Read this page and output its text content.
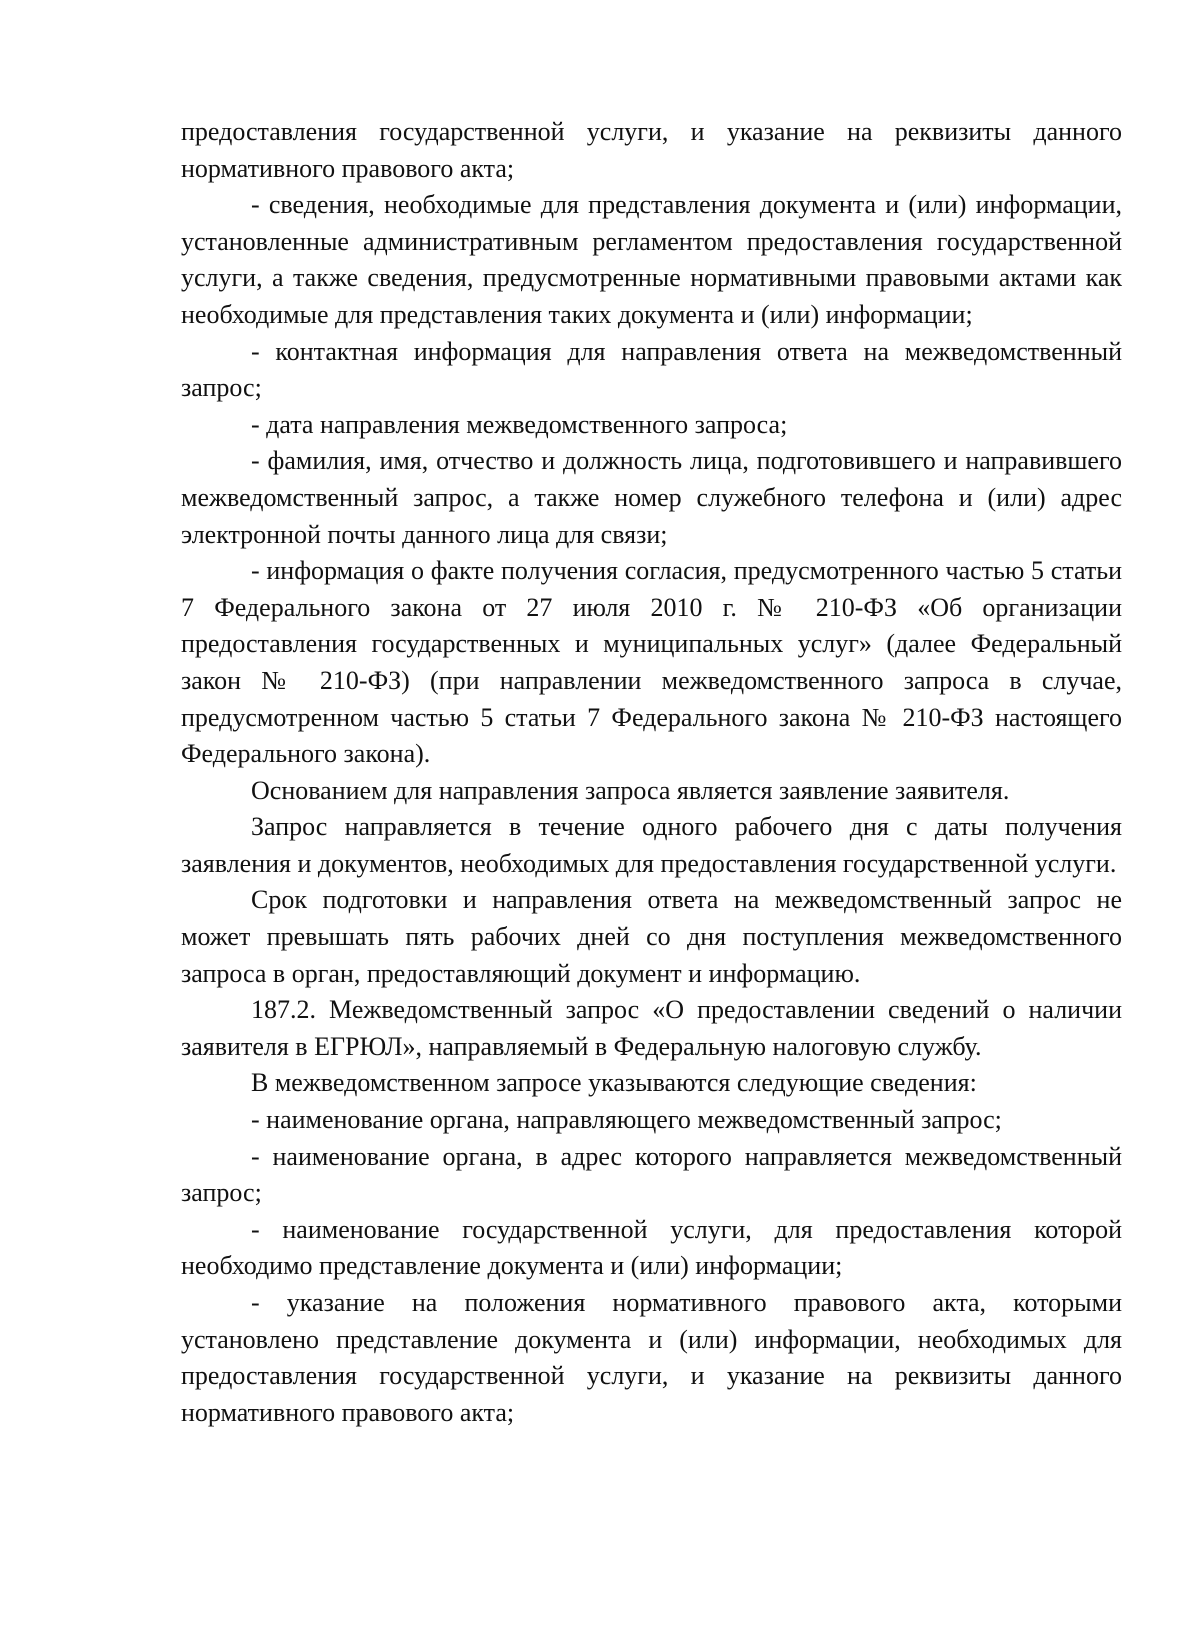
предоставления государственной услуги, и указание на реквизиты данного нормативного правового акта;

- сведения, необходимые для представления документа и (или) информации, установленные административным регламентом предоставления государственной услуги, а также сведения, предусмотренные нормативными правовыми актами как необходимые для представления таких документа и (или) информации;

- контактная информация для направления ответа на межведомственный запрос;

- дата направления межведомственного запроса;

- фамилия, имя, отчество и должность лица, подготовившего и направившего межведомственный запрос, а также номер служебного телефона и (или) адрес электронной почты данного лица для связи;

- информация о факте получения согласия, предусмотренного частью 5 статьи 7 Федерального закона от 27 июля 2010 г. № 210-ФЗ «Об организации предоставления государственных и муниципальных услуг» (далее Федеральный закон № 210-ФЗ) (при направлении межведомственного запроса в случае, предусмотренном частью 5 статьи 7 Федерального закона № 210-ФЗ настоящего Федерального закона).

Основанием для направления запроса является заявление заявителя.

Запрос направляется в течение одного рабочего дня с даты получения заявления и документов, необходимых для предоставления государственной услуги.

Срок подготовки и направления ответа на межведомственный запрос не может превышать пять рабочих дней со дня поступления межведомственного запроса в орган, предоставляющий документ и информацию.

187.2. Межведомственный запрос «О предоставлении сведений о наличии заявителя в ЕГРЮЛ», направляемый в Федеральную налоговую службу.

В межведомственном запросе указываются следующие сведения:

- наименование органа, направляющего межведомственный запрос;

- наименование органа, в адрес которого направляется межведомственный запрос;

- наименование государственной услуги, для предоставления которой необходимо представление документа и (или) информации;

- указание на положения нормативного правового акта, которыми установлено представление документа и (или) информации, необходимых для предоставления государственной услуги, и указание на реквизиты данного нормативного правового акта;
